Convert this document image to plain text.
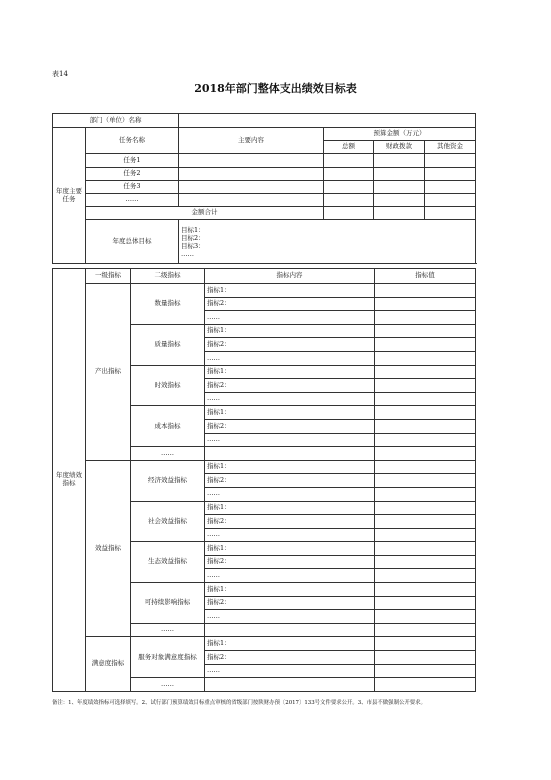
表14
2018年部门整体支出绩效目标表
部门（单位）名称					
年度主要任务	任务名称	主要内容	预算金额（万元）		
			总额	财政拨款	其他资金
	任务1				
	任务2				
	任务3				
	……				
	金额合计				
	年度总体目标	目标1：
目标2：
目标3：
……			
年度绩效指标	一级指标	二级指标	指标内容	指标值
	产出指标	数量指标	指标1：	
			指标2：	
			……	
		质量指标	指标1：	
			指标2：	
			……	
		时效指标	指标1：	
			指标2：	
			……	
		成本指标	指标1：	
			指标2：	
			……	
		……		
	效益指标	经济效益指标	指标1：	
			指标2：	
			……	
		社会效益指标	指标1：	
			指标2：	
			……	
		生态效益指标	指标1：	
			指标2：	
			……	
		可持续影响指标	指标1：	
			指标2：	
			……	
		……		
	满意度指标	服务对象满意度指标	指标1：	
			指标2：	
			……	
		……		
备注：1、年度绩效指标可选择填写。2、试行部门预算绩效目标重点审核的省级部门按陕财办预〔2017〕133号文件要求公开。3、市县不做强制公开要求。
